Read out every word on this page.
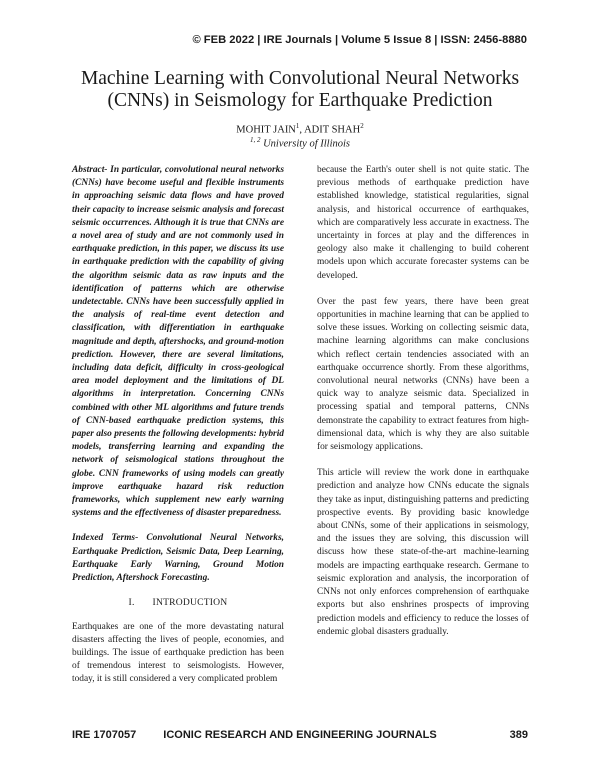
© FEB 2022 | IRE Journals | Volume 5 Issue 8 | ISSN: 2456-8880
Machine Learning with Convolutional Neural Networks
(CNNs) in Seismology for Earthquake Prediction
MOHIT JAIN$^1$, ADIT SHAH$^2$
$^{1, 2}$ University of Illinois

Abstract- In particular, convolutional neural networks (CNNs) have become useful and flexible instruments in approaching seismic data flows and have proved their capacity to increase seismic analysis and forecast seismic occurrences. Although it is true that CNNs are a novel area of study and are not commonly used in earthquake prediction, in this paper, we discuss its use in earthquake prediction with the capability of giving the algorithm seismic data as raw inputs and the identification of patterns which are otherwise undetectable. CNNs have been successfully applied in the analysis of real-time event detection and classification, with differentiation in earthquake magnitude and depth, aftershocks, and ground-motion prediction. However, there are several limitations, including data deficit, difficulty in cross-geological area model deployment and the limitations of DL algorithms in interpretation. Concerning CNNs combined with other ML algorithms and future trends of CNN-based earthquake prediction systems, this paper also presents the following developments: hybrid models, transferring learning and expanding the network of seismological stations throughout the globe. CNN frameworks of using models can greatly improve earthquake hazard risk reduction frameworks, which supplement new early warning systems and the effectiveness of disaster preparedness.

Indexed Terms- Convolutional Neural Networks, Earthquake Prediction, Seismic Data, Deep Learning, Earthquake Early Warning, Ground Motion Prediction, Aftershock Forecasting.

I. INTRODUCTION

Earthquakes are one of the more devastating natural disasters affecting the lives of people, economies, and buildings. The issue of earthquake prediction has been of tremendous interest to seismologists. However, today, it is still considered a very complicated problem

because the Earth's outer shell is not quite static. The previous methods of earthquake prediction have established knowledge, statistical regularities, signal analysis, and historical occurrence of earthquakes, which are comparatively less accurate in exactness. The uncertainty in forces at play and the differences in geology also make it challenging to build coherent models upon which accurate forecaster systems can be developed.

Over the past few years, there have been great opportunities in machine learning that can be applied to solve these issues. Working on collecting seismic data, machine learning algorithms can make conclusions which reflect certain tendencies associated with an earthquake occurrence shortly. From these algorithms, convolutional neural networks (CNNs) have been a quick way to analyze seismic data. Specialized in processing spatial and temporal patterns, CNNs demonstrate the capability to extract features from high-dimensional data, which is why they are also suitable for seismology applications.

This article will review the work done in earthquake prediction and analyze how CNNs educate the signals they take as input, distinguishing patterns and predicting prospective events. By providing basic knowledge about CNNs, some of their applications in seismology, and the issues they are solving, this discussion will discuss how these state-of-the-art machine-learning models are impacting earthquake research. Germane to seismic exploration and analysis, the incorporation of CNNs not only enforces comprehension of earthquake exports but also enshrines prospects of improving prediction models and efficiency to reduce the losses of endemic global disasters gradually.

IRE 1707057	ICONIC RESEARCH AND ENGINEERING JOURNALS	389
